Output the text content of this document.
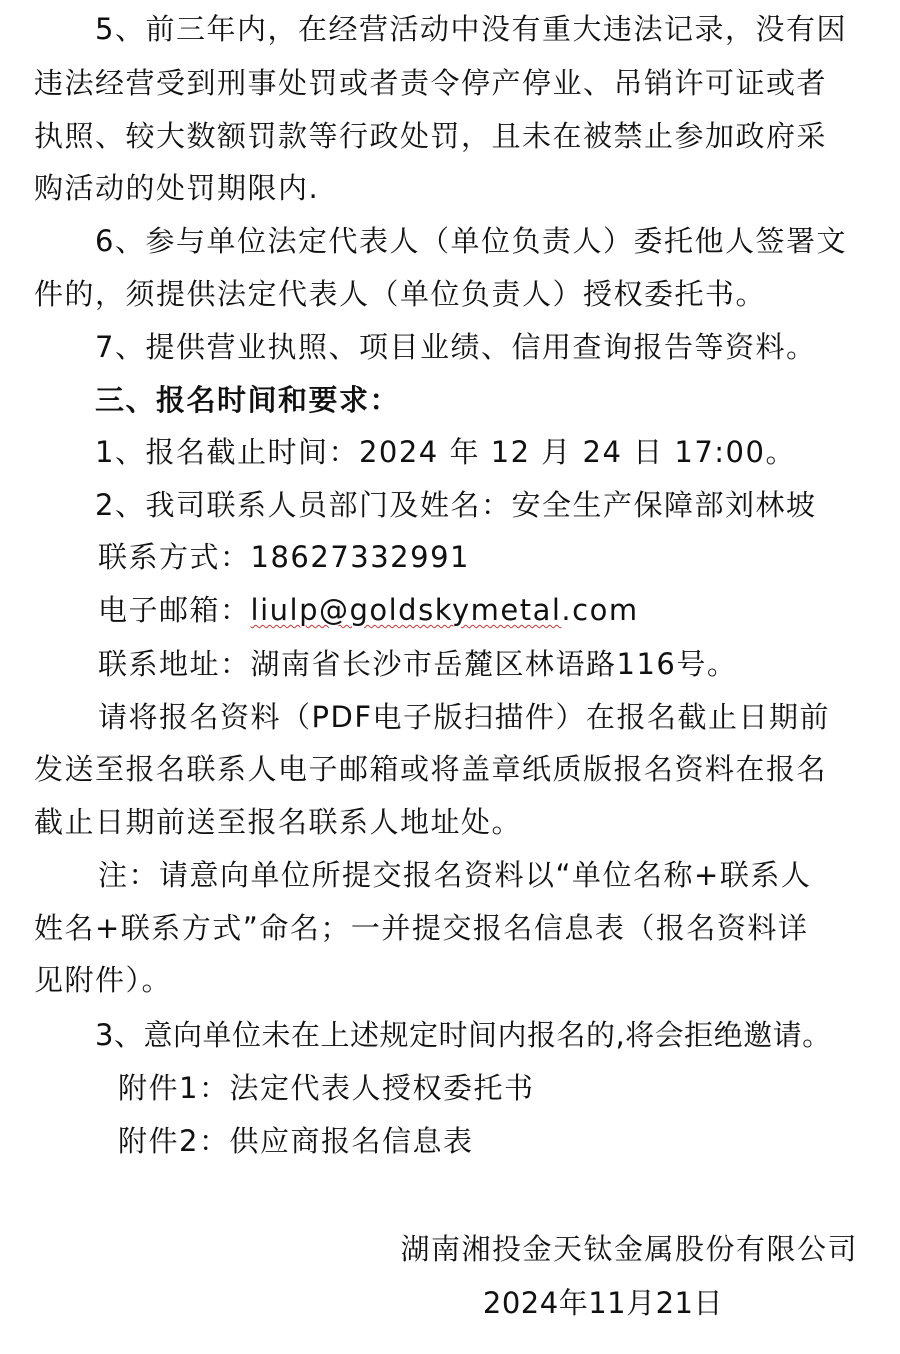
5、前三年内，在经营活动中没有重大违法记录，没有因
违法经营受到刑事处罚或者责令停产停业、吊销许可证或者
执照、较大数额罚款等行政处罚，且未在被禁止参加政府采
购活动的处罚期限内.
6、参与单位法定代表人（单位负责人）委托他人签署文
件的，须提供法定代表人（单位负责人）授权委托书。
7、提供营业执照、项目业绩、信用查询报告等资料。
三、报名时间和要求：
1、报名截止时间：2024 年 12 月 24 日 17:00。
2、我司联系人员部门及姓名：安全生产保障部刘林坡
联系方式：18627332991
电子邮箱：liulp@goldskymetal.com
联系地址：湖南省长沙市岳麓区林语路116号。
请将报名资料（PDF电子版扫描件）在报名截止日期前
发送至报名联系人电子邮箱或将盖章纸质版报名资料在报名
截止日期前送至报名联系人地址处。
注：请意向单位所提交报名资料以“单位名称+联系人
姓名+联系方式”命名；一并提交报名信息表（报名资料详
见附件）。
3、意向单位未在上述规定时间内报名的,将会拒绝邀请。
附件1：法定代表人授权委托书
附件2：供应商报名信息表
湖南湘投金天钛金属股份有限公司
2024年11月21日
